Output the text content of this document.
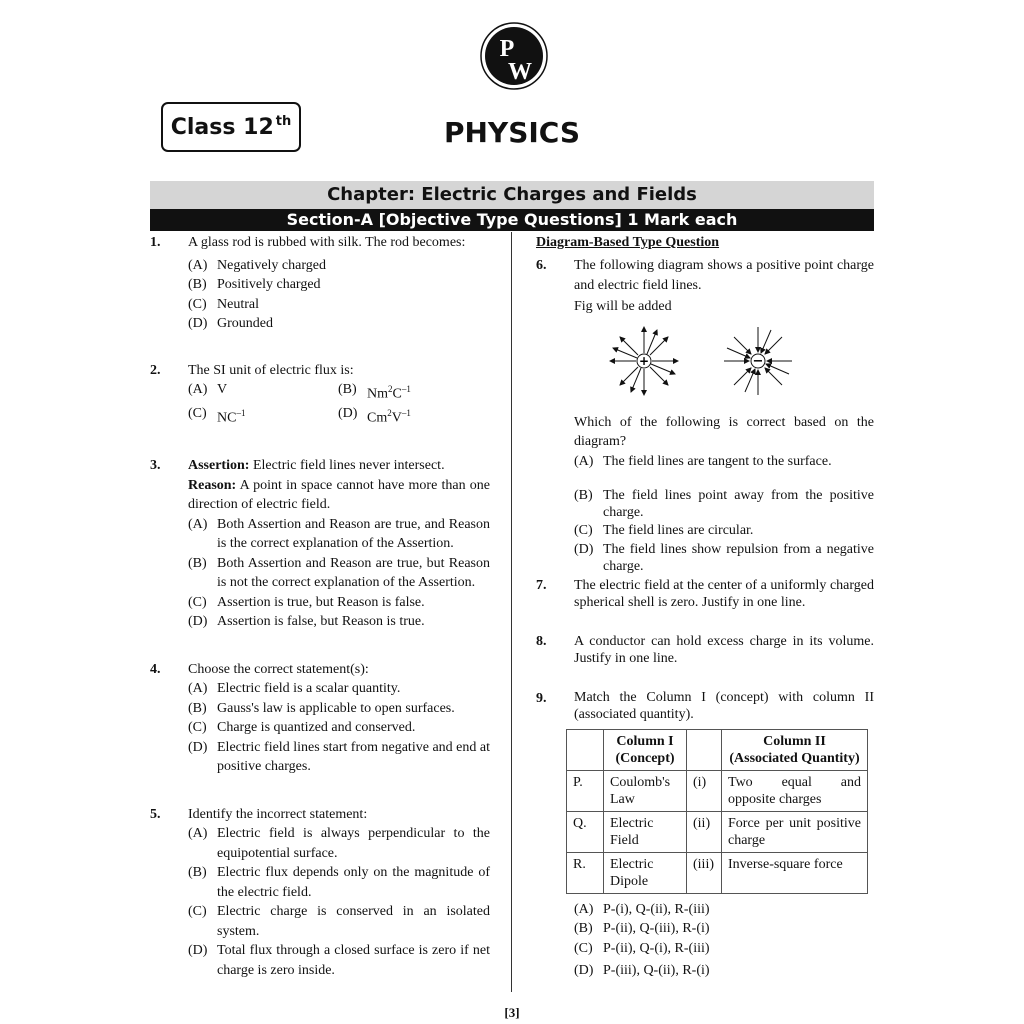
P
W
Class 12th	PHYSICS
Chapter: Electric Charges and Fields
Section-A [Objective Type Questions] 1 Mark each
1.	A glass rod is rubbed with silk. The rod becomes:
(A) Negatively charged
(B) Positively charged
(C) Neutral
(D) Grounded
2.	The SI unit of electric flux is:
(A) V	(B) $Nm^2C^{-1}$
(C) $NC^{-1}$	(D) $Cm^2V^{-1}$
3.	Assertion: Electric field lines never intersect.
Reason: A point in space cannot have more than one direction of electric field.
(A) Both Assertion and Reason are true, and Reason is the correct explanation of the Assertion.
(B) Both Assertion and Reason are true, but Reason is not the correct explanation of the Assertion.
(C) Assertion is true, but Reason is false.
(D) Assertion is false, but Reason is true.
4.	Choose the correct statement(s):
(A) Electric field is a scalar quantity.
(B) Gauss's law is applicable to open surfaces.
(C) Charge is quantized and conserved.
(D) Electric field lines start from negative and end at positive charges.
5.	Identify the incorrect statement:
(A) Electric field is always perpendicular to the equipotential surface.
(B) Electric flux depends only on the magnitude of the electric field.
(C) Electric charge is conserved in an isolated system.
(D) Total flux through a closed surface is zero if net charge is zero inside.
Diagram-Based Type Question
6.	The following diagram shows a positive point charge and electric field lines.
Fig will be added
+	−
Which of the following is correct based on the diagram?
(A) The field lines are tangent to the surface.
(B) The field lines point away from the positive charge.
(C) The field lines are circular.
(D) The field lines show repulsion from a negative charge.
7.	The electric field at the center of a uniformly charged spherical shell is zero. Justify in one line.
8.	A conductor can hold excess charge in its volume. Justify in one line.
9.	Match the Column I (concept) with column II (associated quantity).
	Column I (Concept)		Column II (Associated Quantity)
P.	Coulomb's Law	(i)	Two equal and opposite charges
Q.	Electric Field	(ii)	Force per unit positive charge
R.	Electric Dipole	(iii)	Inverse-square force
(A) P-(i), Q-(ii), R-(iii)
(B) P-(ii), Q-(iii), R-(i)
(C) P-(ii), Q-(i), R-(iii)
(D) P-(iii), Q-(ii), R-(i)
[3]
